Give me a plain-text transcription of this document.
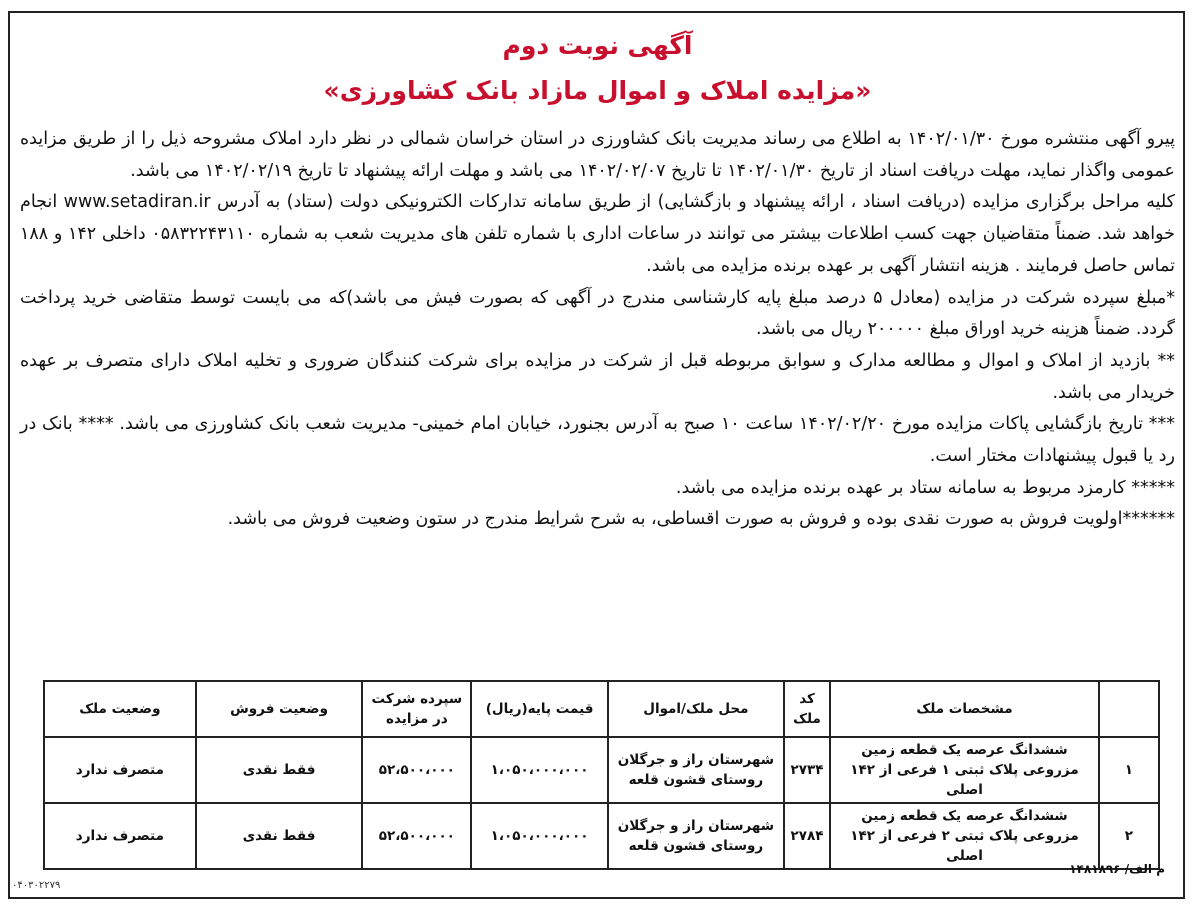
آگهی نوبت دوم
«مزایده املاک و اموال مازاد بانک کشاورزی»

پیرو آگهی منتشره مورخ ۱۴۰۲/۰۱/۳۰ به اطلاع می رساند مدیریت بانک کشاورزی در استان خراسان شمالی در نظر دارد املاک مشروحه ذیل را از طریق مزایده عمومی واگذار نماید، مهلت دریافت اسناد از تاریخ ۱۴۰۲/۰۱/۳۰ تا تاریخ ۱۴۰۲/۰۲/۰۷ می باشد و مهلت ارائه پیشنهاد تا تاریخ ۱۴۰۲/۰۲/۱۹ می باشد.

کلیه مراحل برگزاری مزایده (دریافت اسناد ، ارائه پیشنهاد و بازگشایی) از طریق سامانه تدارکات الکترونیکی دولت (ستاد) به آدرس www.setadiran.ir انجام خواهد شد. ضمناً متقاضیان جهت کسب اطلاعات بیشتر می توانند در ساعات اداری با شماره تلفن های مدیریت شعب به شماره ۰۵۸۳۲۲۴۳۱۱۰ داخلی ۱۴۲ و ۱۸۸ تماس حاصل فرمایند . هزینه انتشار آگهی بر عهده برنده مزایده می باشد.

*مبلغ سپرده شرکت در مزایده (معادل ۵ درصد مبلغ پایه کارشناسی مندرج در آگهی که بصورت فیش می باشد)که می بایست توسط متقاضی خرید پرداخت گردد. ضمناً هزینه خرید اوراق مبلغ ۲۰۰۰۰۰ ریال می باشد.

** بازدید از املاک و اموال و مطالعه مدارک و سوابق مربوطه قبل از شرکت در مزایده برای شرکت کنندگان ضروری و تخلیه املاک دارای متصرف بر عهده خریدار می باشد.

*** تاریخ بازگشایی پاکات مزایده مورخ ۱۴۰۲/۰۲/۲۰ ساعت ۱۰ صبح به آدرس بجنورد، خیابان امام خمینی- مدیریت شعب بانک کشاورزی می باشد. **** بانک در رد یا قبول پیشنهادات مختار است.

***** کارمزد مربوط به سامانه ستاد بر عهده برنده مزایده می باشد.

******اولویت فروش به صورت نقدی بوده و فروش به صورت اقساطی، به شرح شرایط مندرج در ستون وضعیت فروش می باشد.

	مشخصات ملک	کد ملک	محل ملک/اموال	قیمت پایه(ریال)	سپرده شرکت در مزایده	وضعیت فروش	وضعیت ملک
۱	ششدانگ عرصه یک قطعه زمین مزروعی پلاک ثبتی ۱ فرعی از ۱۴۲ اصلی	۲۷۳۴	شهرستان راز و جرگلان روستای قشون قلعه	۱،۰۵۰،۰۰۰،۰۰۰	۵۲،۵۰۰،۰۰۰	فقط نقدی	متصرف ندارد
۲	ششدانگ عرصه یک قطعه زمین مزروعی پلاک ثبتی ۲ فرعی از ۱۴۲ اصلی	۲۷۸۴	شهرستان راز و جرگلان روستای قشون قلعه	۱،۰۵۰،۰۰۰،۰۰۰	۵۲،۵۰۰،۰۰۰	فقط نقدی	متصرف ندارد
م الف/ ۱۴۸۱۸۹۶
۰۴۰۳۰۲۲۷۹
